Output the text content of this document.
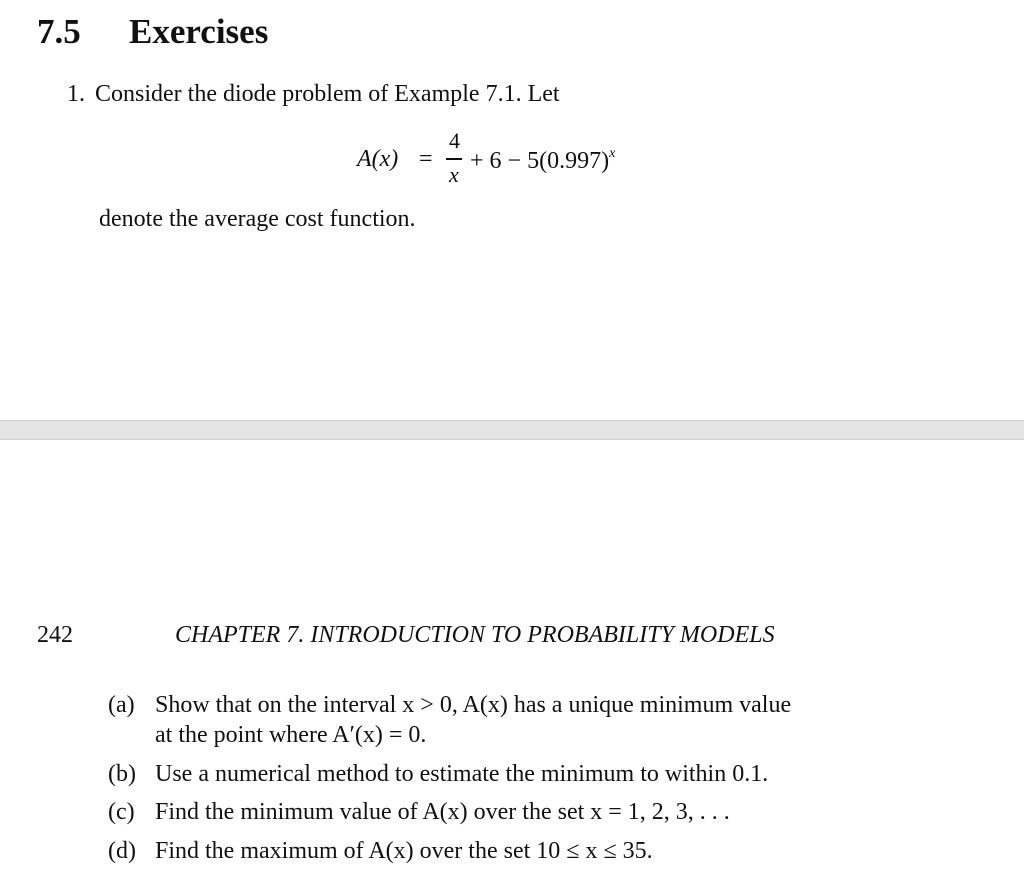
7.5 Exercises
1. Consider the diode problem of Example 7.1. Let
A(x) =
4
x
+ $6 - 5(0.997)^x$
denote the average cost function.
242	CHAPTER 7. INTRODUCTION TO PROBABILITY MODELS
(a) Show that on the interval x > 0, A(x) has a unique minimum value
at the point where A′(x) = 0.
(b) Use a numerical method to estimate the minimum to within 0.1.
(c) Find the minimum value of A(x) over the set x = 1, 2, 3, . . .
(d) Find the maximum of A(x) over the set 10 ≤ x ≤ 35.
